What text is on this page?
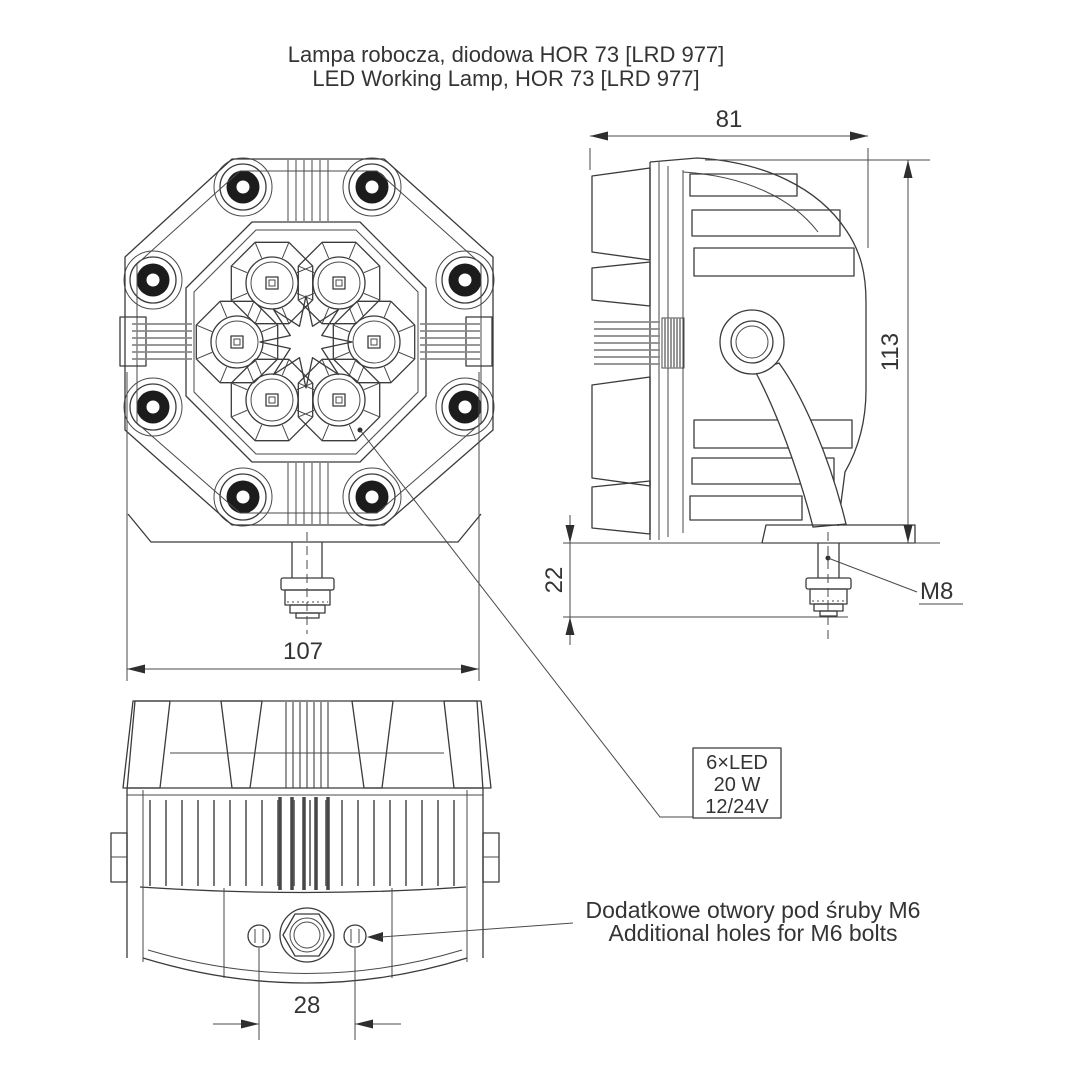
Lampa robocza, diodowa HOR 73 [LRD 977]
LED Working Lamp, HOR 73 [LRD 977]
107
81
113
22	M8
28
6×LED
20 W
12/24V
Dodatkowe otwory pod śruby M6
Additional holes for M6 bolts
